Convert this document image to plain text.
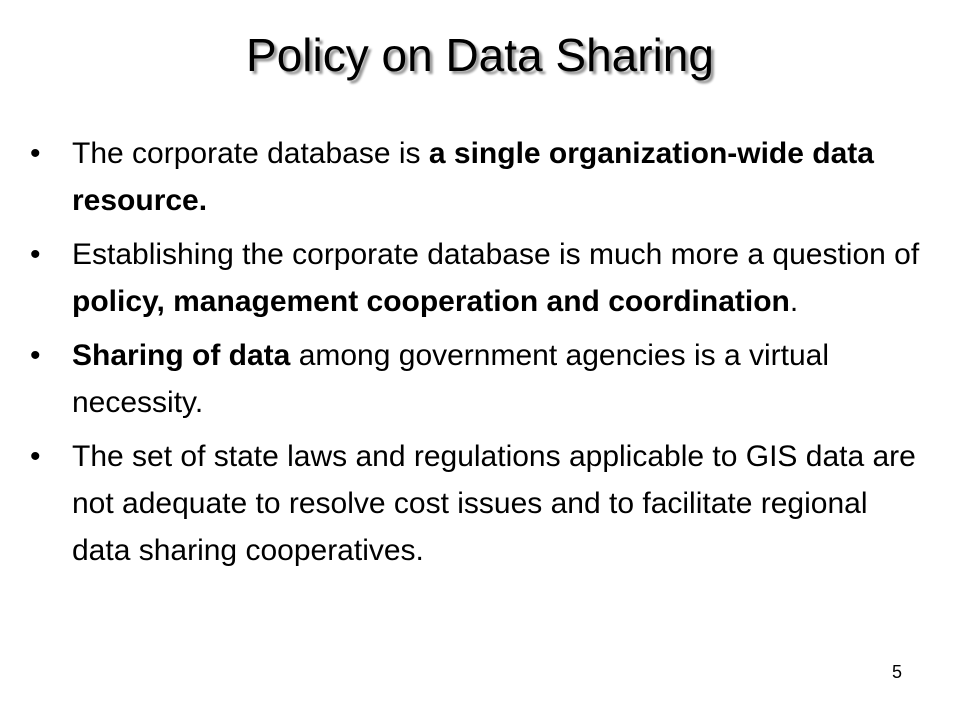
Policy on Data Sharing
•	The corporate database is a single organization-wide data resource.
•	Establishing the corporate database is much more a question of policy, management cooperation and coordination.
•	Sharing of data among government agencies is a virtual necessity.
•	The set of state laws and regulations applicable to GIS data are not adequate to resolve cost issues and to facilitate regional data sharing cooperatives.
5
